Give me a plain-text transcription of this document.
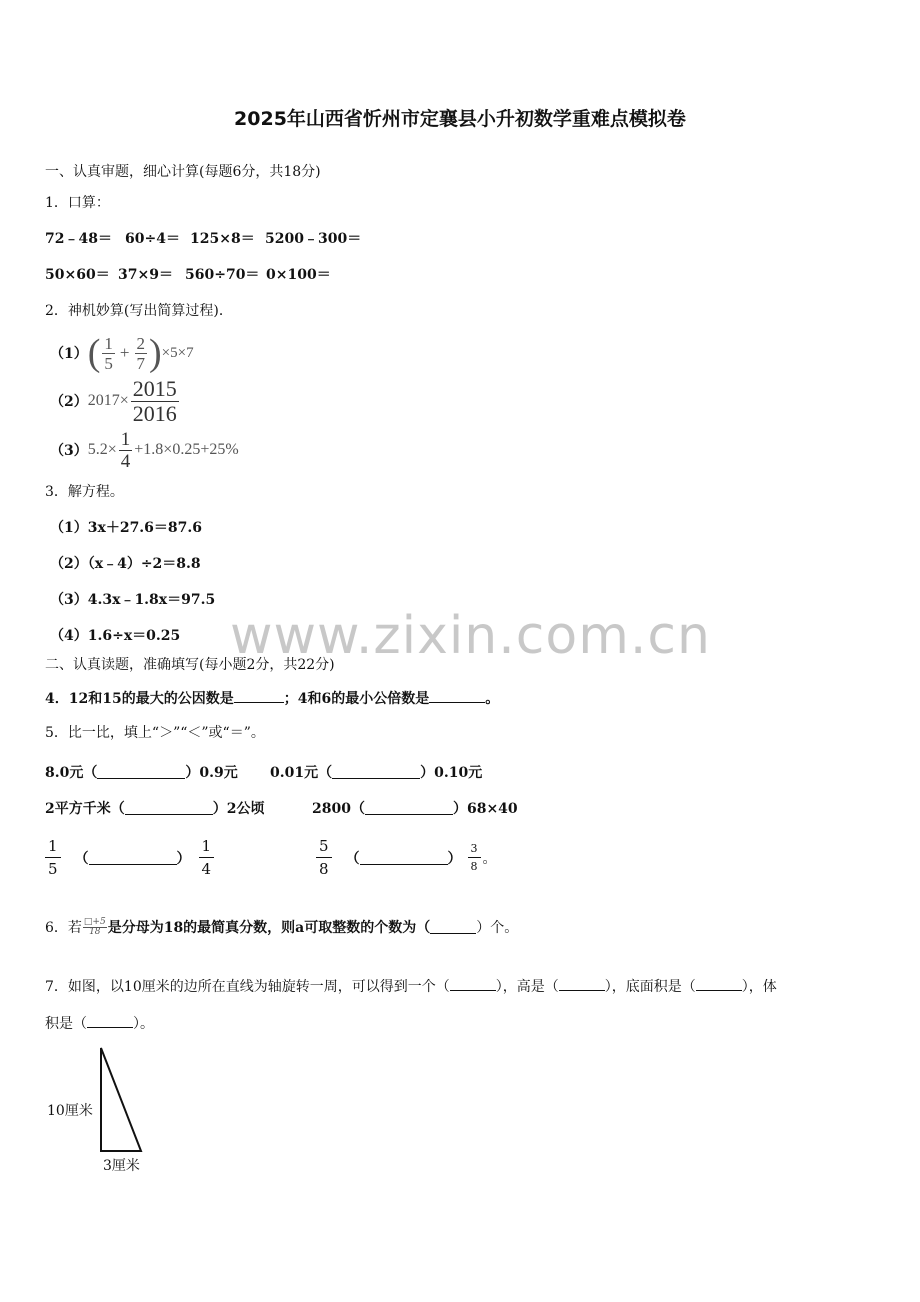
2025年山西省忻州市定襄县小升初数学重难点模拟卷
www.zixin.com.cn
一、认真审题，细心计算(每题6分，共18分)
1．口算：
72﹣48＝ 60÷4＝ 125×8＝ 5200﹣300＝
50×60＝ 37×9＝ 560÷70＝ 0×100＝
2．神机妙算(写出简算过程)．
（1） ( $\frac{1}{5} + \frac{2}{7}$ ) ×5×7
（2） $2017\times \frac{2015}{2016}$
（3） $5.2\times \frac{1}{4} +1.8\times 0.25+25\%$
3．解方程。
（1）3x＋27.6＝87.6
（2）（x﹣4）÷2＝8.8
（3）4.3x﹣1.8x＝97.5
（4）1.6÷x＝0.25
二、认真读题，准确填写(每小题2分，共22分)
4．12和15的最大的公因数是	；4和6的最小公倍数是	。
5．比一比，填上“＞”“＜”或“＝”。
8.0元（	）0.9元 0.01元（	）0.10元
2平方千米（	）2公顷	2800（	）68×40
$\frac{1}{5}$ （	） $\frac{1}{4}$	$\frac{5}{8}$ （	） $\frac{3}{8}$ 。
6．若 $\frac{□+5}{18}$ 是分母为18的最简真分数，则a可取整数的个数为（	）个。
7．如图，以10厘米的边所在直线为轴旋转一周，可以得到一个（	），高是（	），底面积是（	），体
积是（	）。
10厘米
3厘米
